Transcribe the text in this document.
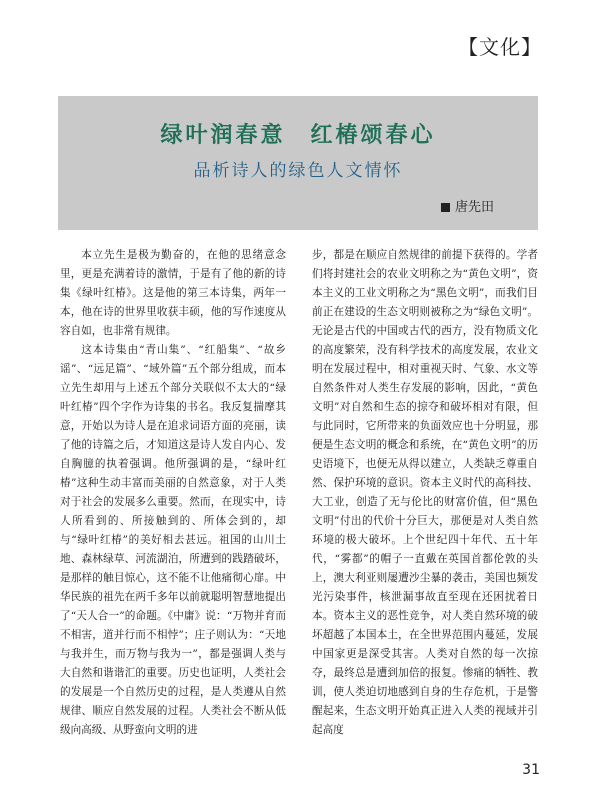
【文化】
绿叶润春意　红椿颂春心
品析诗人的绿色人文情怀
唐先田

本立先生是极为勤奋的，在他的思绪意念里，更是充满着诗的激情，于是有了他的新的诗集《绿叶红椿》。这是他的第三本诗集，两年一本，他在诗的世界里收获丰硕，他的写作速度从容自如，也非常有规律。

这本诗集由“青山集”、“红船集”、“故乡谣”、“远足篇”、“域外篇”五个部分组成，而本立先生却用与上述五个部分关联似不太大的“绿叶红椿”四个字作为诗集的书名。我反复揣摩其意，开始以为诗人是在追求词语方面的亮丽，读了他的诗篇之后，才知道这是诗人发自内心、发自胸臆的执着强调。他所强调的是，“绿叶红椿”这种生动丰富而美丽的自然意象，对于人类对于社会的发展多么重要。然而，在现实中，诗人所看到的、所接触到的、所体会到的，却与“绿叶红椿”的美好相去甚远。祖国的山川土地、森林绿草、河流湖泊，所遭到的践踏破坏，是那样的触目惊心，这不能不让他痛彻心扉。中华民族的祖先在两千多年以前就聪明智慧地提出了“天人合一”的命题。《中庸》说：“万物并育而不相害，道并行而不相悖”；庄子则认为：“天地与我并生，而万物与我为一”，都是强调人类与大自然和谐谐汇的重要。历史也证明，人类社会的发展是一个自然历史的过程，是人类遵从自然规律、顺应自然发展的过程。人类社会不断从低级向高级、从野蛮向文明的进

步，都是在顺应自然规律的前提下获得的。学者们将封建社会的农业文明称之为“黄色文明”，资本主义的工业文明称之为“黑色文明”，而我们目前正在建设的生态文明则被称之为“绿色文明”。无论是古代的中国或古代的西方，没有物质文化的高度繁荣，没有科学技术的高度发展，农业文明在发展过程中，相对重视天时、气象、水文等自然条件对人类生存发展的影响，因此，“黄色文明”对自然和生态的掠夺和破坏相对有限，但与此同时，它所带来的负面效应也十分明显，那便是生态文明的概念和系统，在“黄色文明”的历史语境下，也便无从得以建立，人类缺乏尊重自然、保护环境的意识。资本主义时代的高科技、大工业，创造了无与伦比的财富价值，但“黑色文明”付出的代价十分巨大，那便是对人类自然环境的极大破坏。上个世纪四十年代、五十年代，“雾都”的帽子一直戴在英国首都伦敦的头上，澳大利亚则屡遭沙尘暴的袭击，美国也频发光污染事件，核泄漏事故直至现在还困扰着日本。资本主义的恶性竞争，对人类自然环境的破坏超越了本国本土，在全世界范围内蔓延，发展中国家更是深受其害。人类对自然的每一次掠夺，最终总是遭到加倍的报复。惨痛的牺牲、教训，使人类迫切地感到自身的生存危机，于是警醒起来，生态文明开始真正进入人类的视域并引起高度

31
